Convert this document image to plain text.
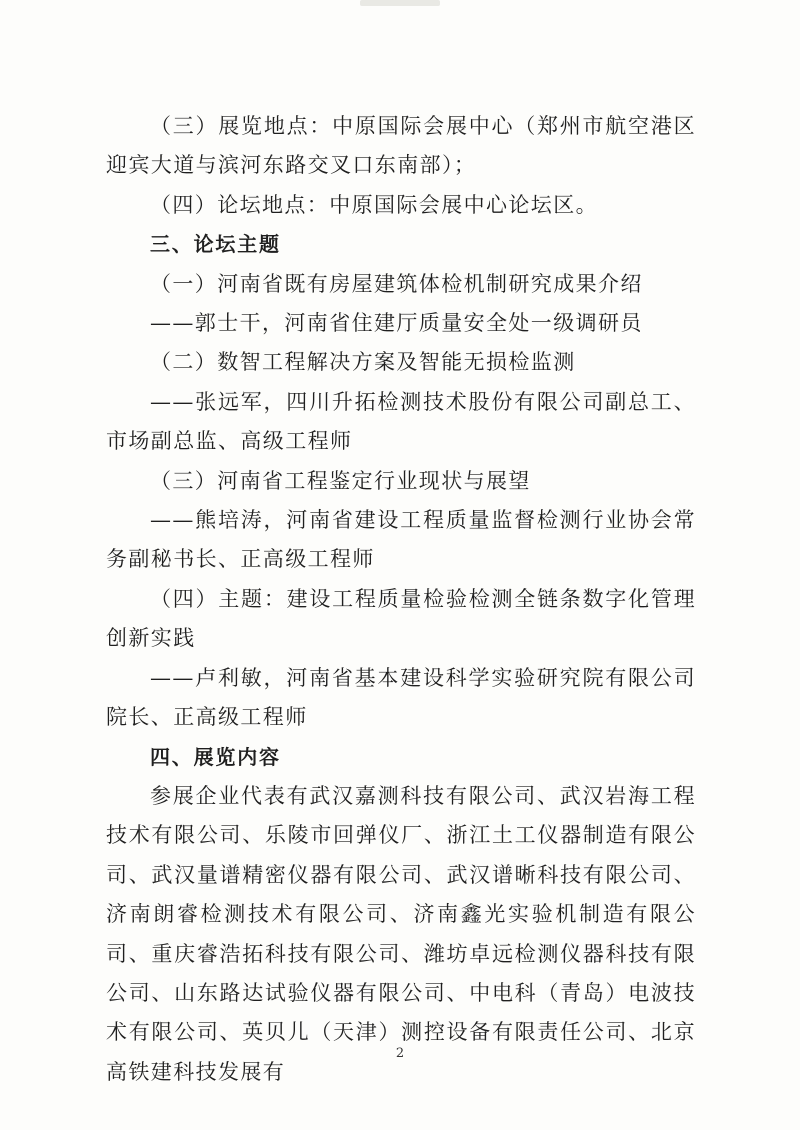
（三）展览地点：中原国际会展中心（郑州市航空港区迎宾大道与滨河东路交叉口东南部）；

（四）论坛地点：中原国际会展中心论坛区。

三、论坛主题

（一）河南省既有房屋建筑体检机制研究成果介绍

——郭士干，河南省住建厅质量安全处一级调研员

（二）数智工程解决方案及智能无损检监测

——张远军，四川升拓检测技术股份有限公司副总工、市场副总监、高级工程师

（三）河南省工程鉴定行业现状与展望

——熊培涛，河南省建设工程质量监督检测行业协会常务副秘书长、正高级工程师

（四）主题：建设工程质量检验检测全链条数字化管理创新实践

——卢利敏，河南省基本建设科学实验研究院有限公司院长、正高级工程师

四、展览内容

参展企业代表有武汉嘉测科技有限公司、武汉岩海工程技术有限公司、乐陵市回弹仪厂、浙江土工仪器制造有限公司、武汉量谱精密仪器有限公司、武汉谱晰科技有限公司、济南朗睿检测技术有限公司、济南鑫光实验机制造有限公司、重庆睿浩拓科技有限公司、潍坊卓远检测仪器科技有限公司、山东路达试验仪器有限公司、中电科（青岛）电波技术有限公司、英贝儿（天津）测控设备有限责任公司、北京高铁建科技发展有

2
